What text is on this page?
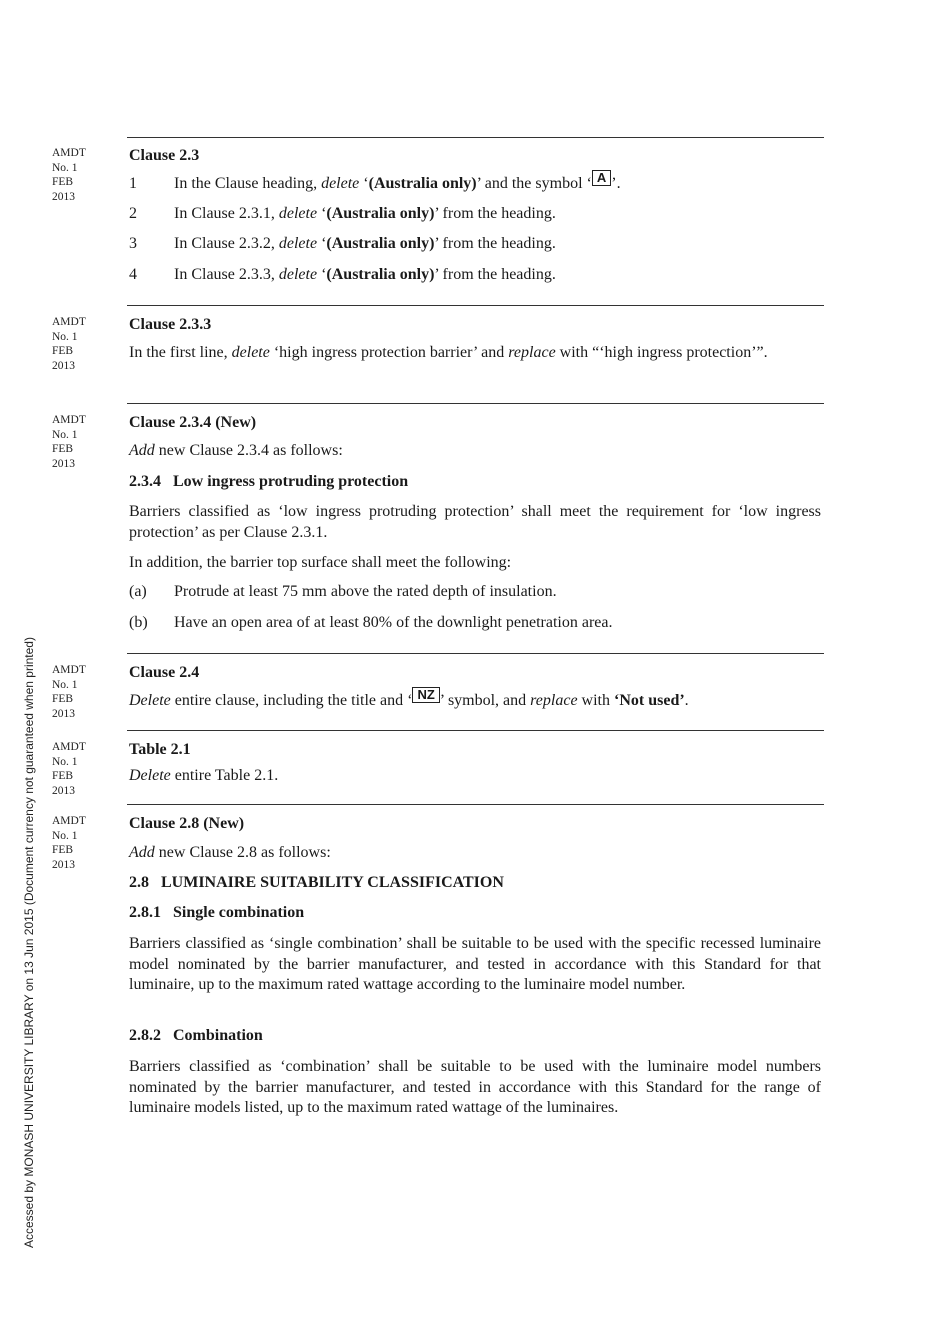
Accessed by MONASH UNIVERSITY LIBRARY on 13 Jun 2015 (Document currency not guaranteed when printed)
AMDT
No. 1
FEB
2013
Clause 2.3
1 In the Clause heading, delete ‘(Australia only)’ and the symbol ‘ A ’.
2 In Clause 2.3.1, delete ‘(Australia only)’ from the heading.
3 In Clause 2.3.2, delete ‘(Australia only)’ from the heading.
4 In Clause 2.3.3, delete ‘(Australia only)’ from the heading.
AMDT
No. 1
FEB
2013
Clause 2.3.3

In the first line, delete ‘high ingress protection barrier’ and replace with “‘high ingress protection’”.

AMDT
No. 1
FEB
2013
Clause 2.3.4 (New)

Add new Clause 2.3.4 as follows:

2.3.4 Low ingress protruding protection

Barriers classified as ‘low ingress protruding protection’ shall meet the requirement for ‘low ingress protection’ as per Clause 2.3.1.

In addition, the barrier top surface shall meet the following:

(a) Protrude at least 75 mm above the rated depth of insulation.
(b) Have an open area of at least 80% of the downlight penetration area.
AMDT
No. 1
FEB
2013
Clause 2.4

Delete entire clause, including the title and ‘ NZ ’ symbol, and replace with ‘Not used’.

AMDT
No. 1
FEB
2013
Table 2.1

Delete entire Table 2.1.

AMDT
No. 1
FEB
2013
Clause 2.8 (New)

Add new Clause 2.8 as follows:

2.8 LUMINAIRE SUITABILITY CLASSIFICATION
2.8.1 Single combination

Barriers classified as ‘single combination’ shall be suitable to be used with the specific recessed luminaire model nominated by the barrier manufacturer, and tested in accordance with this Standard for that luminaire, up to the maximum rated wattage according to the luminaire model number.

2.8.2 Combination

Barriers classified as ‘combination’ shall be suitable to be used with the luminaire model numbers nominated by the barrier manufacturer, and tested in accordance with this Standard for the range of luminaire models listed, up to the maximum rated wattage of the luminaires.
